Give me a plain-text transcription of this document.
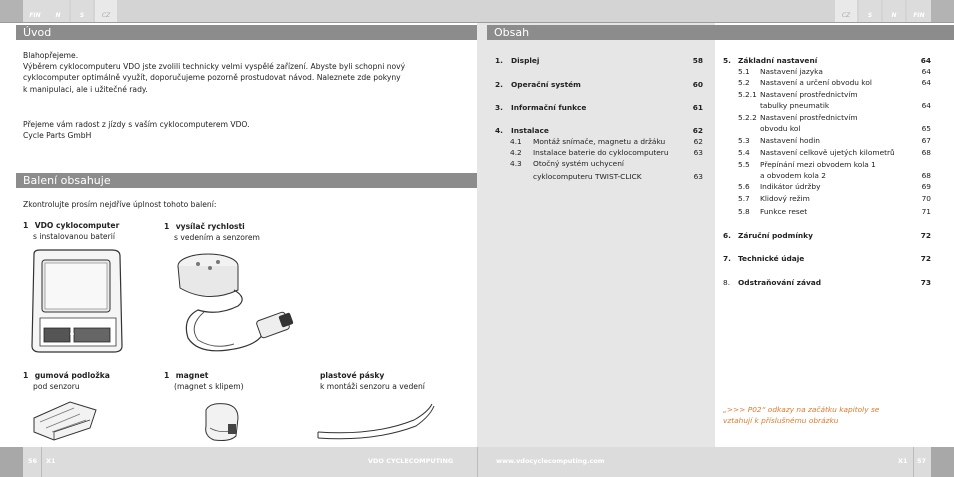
FIN	N	S	CZ	CZ	S	N	FIN
Úvod
Blahopřejeme.
Výběrem cyklocomputeru VDO jste zvolili technicky velmi vyspělé zařízení. Abyste byli schopni nový
cyklocomputer optimálně využít, doporučujeme pozorně prostudovat návod. Naleznete zde pokyny
k manipulaci, ale i užitečné rady.
Přejeme vám radost z jízdy s vaším cyklocomputerem VDO.
Cycle Parts GmbH
Balení obsahuje
Zkontrolujte prosím nejdříve úplnost tohoto balení:
1 VDO cyklocomputer
s instalovanou baterií
1 vysílač rychlosti
s vedením a senzorem
1 gumová podložka
pod senzoru
1 magnet
(magnet s klipem)
plastové pásky
k montáži senzoru a vedení
Obsah
1. Displej	58
2. Operační systém	60
3. Informační funkce	61
4. Instalace	62
4.1 Montáž snímače, magnetu a držáku	62
4.2 Instalace baterie do cyklocomputeru	63
4.3 Otočný systém uchycení
cyklocomputeru TWIST-CLICK	63
5. Základní nastavení	64
5.1 Nastavení jazyka	64
5.2 Nastavení a určení obvodu kol	64
5.2.1 Nastavení prostřednictvím
tabulky pneumatik	64
5.2.2 Nastavení prostřednictvím
obvodu kol	65
5.3 Nastavení hodin	67
5.4 Nastavení celkově ujetých kilometrů	68
5.5 Přepínání mezi obvodem kola 1
a obvodem kola 2	68
5.6 Indikátor údržby	69
5.7 Klidový režim	70
5.8 Funkce reset	71
6. Záruční podmínky	72
7. Technické údaje	72
8. Odstraňování závad	73
„>>> P02“ odkazy na začátku kapitoly se
vztahují k příslušnému obrázku
56 X1	VDO CYCLECOMPUTING	www.vdocyclecomputing.com	X1 57
